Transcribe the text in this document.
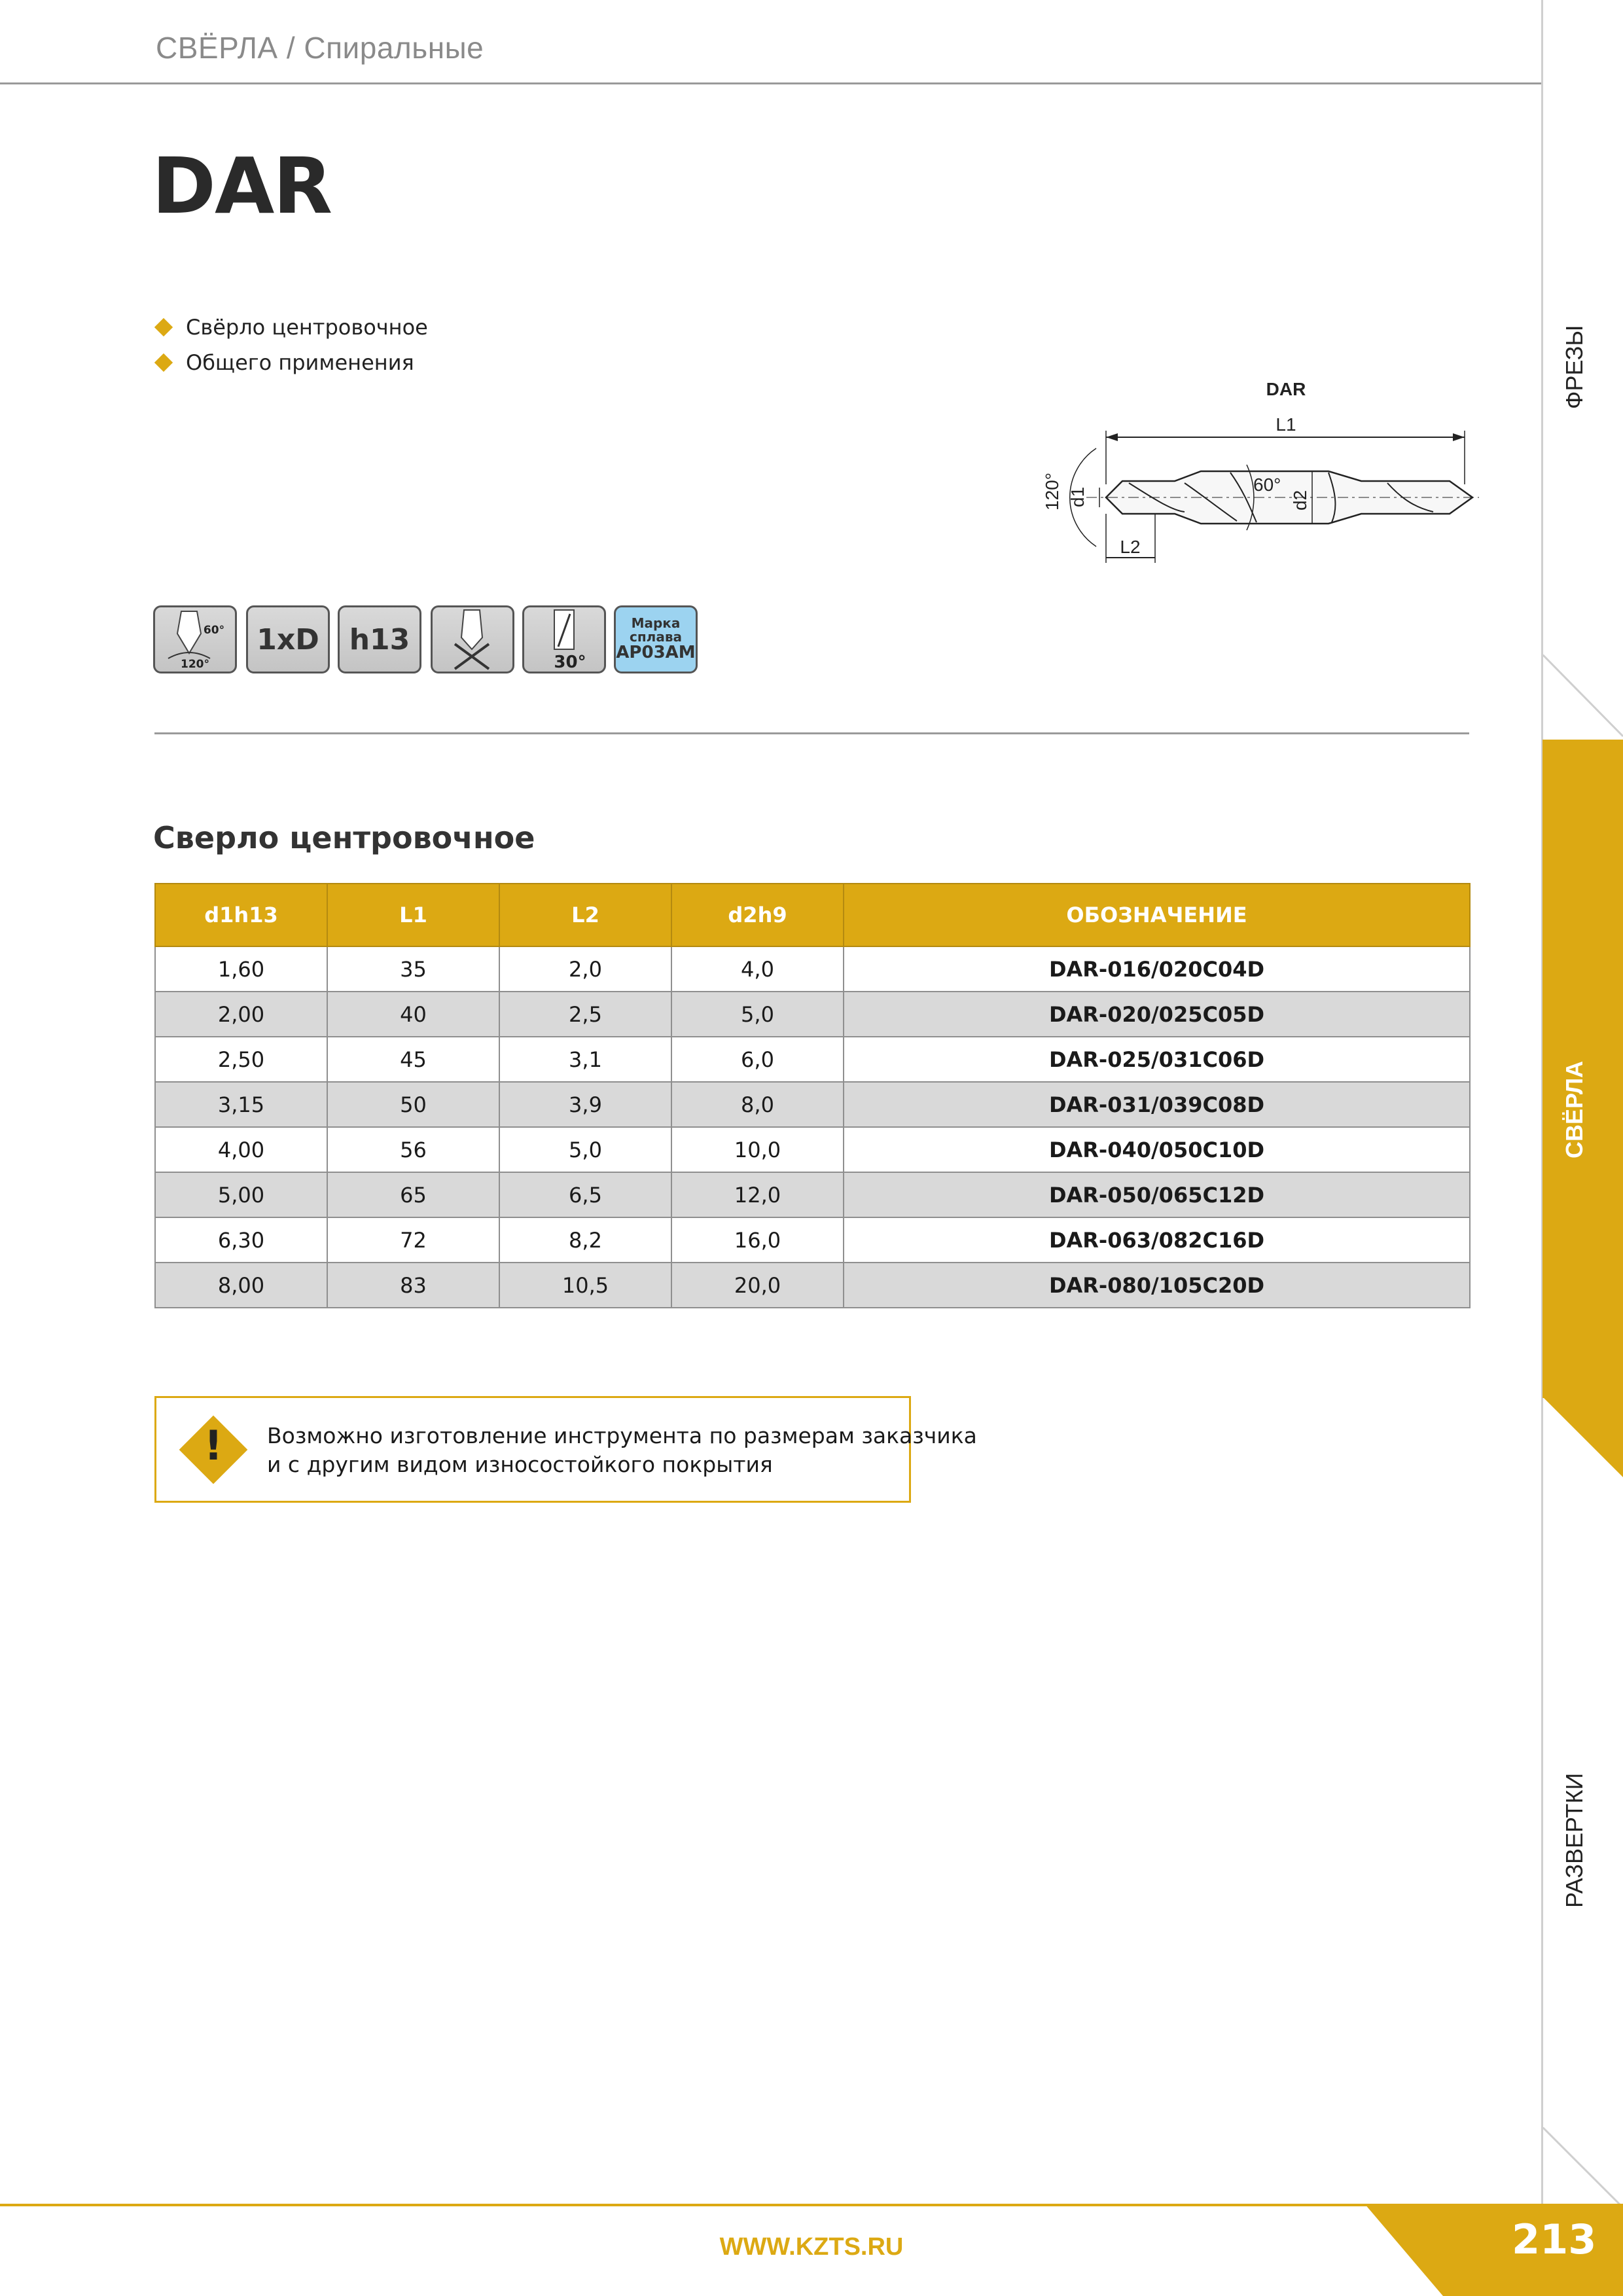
СВЁРЛА / Спиральные
DAR
Свёрло центровочное
Общего применения
DAR
L1
120° d1
60°
d2
L2
60°
120°
1xD	h13
30°
Марка
сплава
AP03AM
Сверло центровочное
d1h13	L1	L2	d2h9	ОБОЗНАЧЕНИЕ
1,60	35	2,0	4,0	DAR-016/020C04D
2,00	40	2,5	5,0	DAR-020/025C05D
2,50	45	3,1	6,0	DAR-025/031C06D
3,15	50	3,9	8,0	DAR-031/039C08D
4,00	56	5,0	10,0	DAR-040/050C10D
5,00	65	6,5	12,0	DAR-050/065C12D
6,30	72	8,2	16,0	DAR-063/082C16D
8,00	83	10,5	20,0	DAR-080/105C20D
!	Возможно изготовление инструмента по размерам заказчика
и с другим видом износостойкого покрытия
ФРЕЗЫ
СВЁРЛА
РАЗВЕРТКИ
WWW.KZTS.RU	213
